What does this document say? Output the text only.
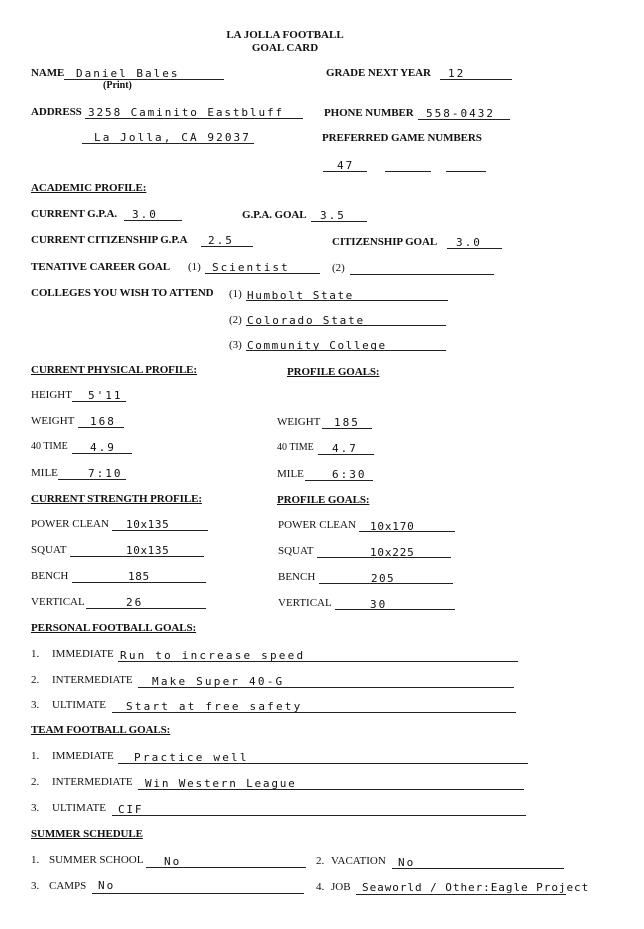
LA JOLLA FOOTBALL
GOAL CARD
NAME Daniel Bales
(Print)
GRADE NEXT YEAR 12
ADDRESS 3258 Caminito Eastbluff
La Jolla, CA 92037
PHONE NUMBER 558-0432
PREFERRED GAME NUMBERS
47
ACADEMIC PROFILE:
CURRENT G.P.A. 3.0	G.P.A. GOAL 3.5
CURRENT CITIZENSHIP G.P.A 2.5	CITIZENSHIP GOAL 3.0
TENATIVE CAREER GOAL (1) Scientist	(2)
COLLEGES YOU WISH TO ATTEND (1) Humbolt State
(2) Colorado State
(3) Community College
CURRENT PHYSICAL PROFILE:	PROFILE GOALS:
HEIGHT 5'11
WEIGHT 168	WEIGHT 185
40 TIME 4.9	40 TIME 4.7
MILE	7:10	MILE	6:30
CURRENT STRENGTH PROFILE:	PROFILE GOALS:
POWER CLEAN 10x135	POWER CLEAN 10x170
SQUAT	10x135	SQUAT	10x225
BENCH	185	BENCH	205
VERTICAL	26	VERTICAL	30
PERSONAL FOOTBALL GOALS:
1. IMMEDIATE Run to increase speed
2. INTERMEDIATE Make Super 40-G
3. ULTIMATE Start at free safety
TEAM FOOTBALL GOALS:
1. IMMEDIATE Practice well
2. INTERMEDIATE Win Western League
3. ULTIMATE CIF
SUMMER SCHEDULE
1. SUMMER SCHOOL No	2. VACATION No
3. CAMPS No	4. JOB Seaworld / Other:Eagle Project
